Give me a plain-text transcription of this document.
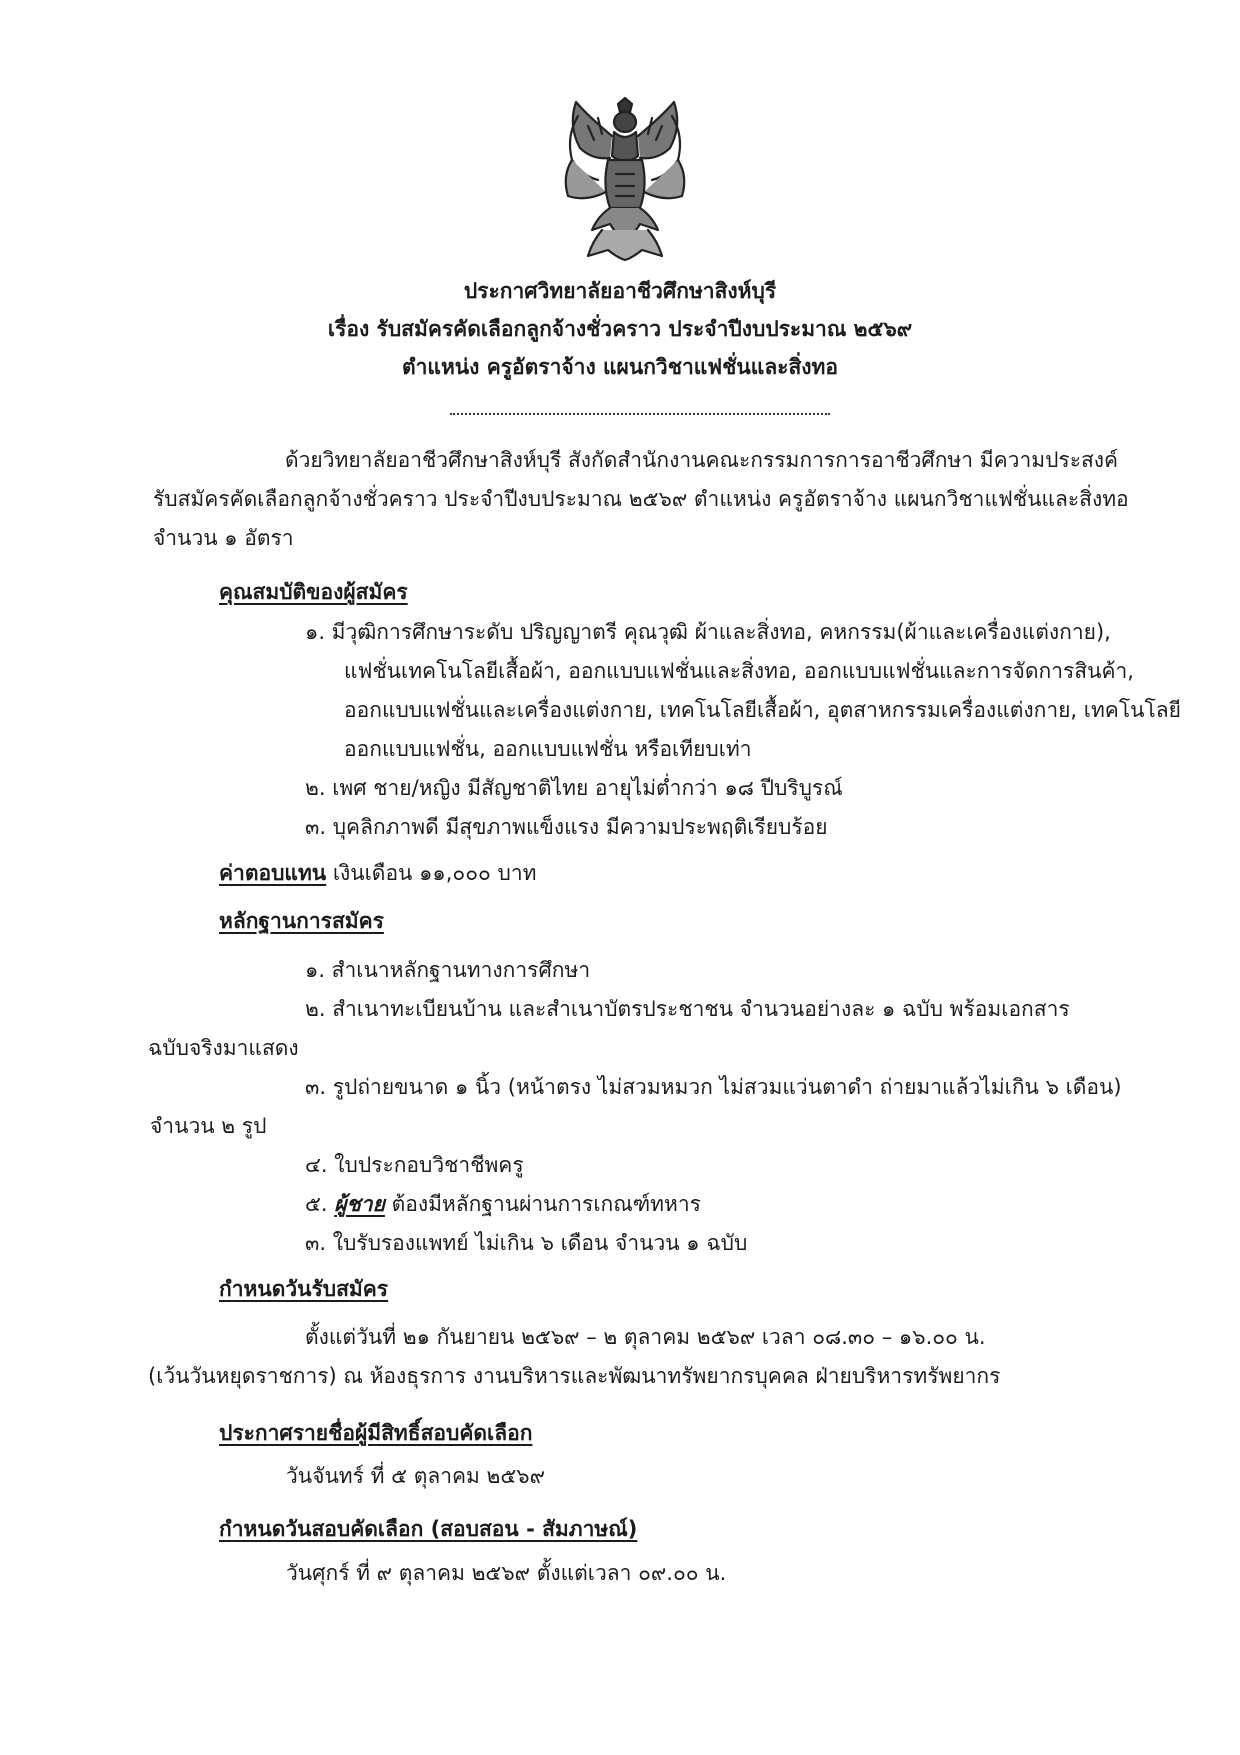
ประกาศวิทยาลัยอาชีวศึกษาสิงห์บุรี
เรื่อง รับสมัครคัดเลือกลูกจ้างชั่วคราว ประจำปีงบประมาณ ๒๕๖๙
ตำแหน่ง ครูอัตราจ้าง แผนกวิชาแฟชั่นและสิ่งทอ
ด้วยวิทยาลัยอาชีวศึกษาสิงห์บุรี สังกัดสำนักงานคณะกรรมการการอาชีวศึกษา มีความประสงค์
รับสมัครคัดเลือกลูกจ้างชั่วคราว ประจำปีงบประมาณ ๒๕๖๙ ตำแหน่ง ครูอัตราจ้าง แผนกวิชาแฟชั่นและสิ่งทอ
จำนวน ๑ อัตรา
คุณสมบัติของผู้สมัคร
๑. มีวุฒิการศึกษาระดับ ปริญญาตรี คุณวุฒิ ผ้าและสิ่งทอ, คหกรรม(ผ้าและเครื่องแต่งกาย),
แฟชั่นเทคโนโลยีเสื้อผ้า, ออกแบบแฟชั่นและสิ่งทอ, ออกแบบแฟชั่นและการจัดการสินค้า,
ออกแบบแฟชั่นและเครื่องแต่งกาย, เทคโนโลยีเสื้อผ้า, อุตสาหกรรมเครื่องแต่งกาย, เทคโนโลยี
ออกแบบแฟชั่น, ออกแบบแฟชั่น หรือเทียบเท่า
๒. เพศ ชาย/หญิง มีสัญชาติไทย อายุไม่ต่ำกว่า ๑๘ ปีบริบูรณ์
๓. บุคลิกภาพดี มีสุขภาพแข็งแรง มีความประพฤติเรียบร้อย
ค่าตอบแทน เงินเดือน ๑๑,๐๐๐ บาท
หลักฐานการสมัคร
๑. สำเนาหลักฐานทางการศึกษา
๒. สำเนาทะเบียนบ้าน และสำเนาบัตรประชาชน จำนวนอย่างละ ๑ ฉบับ พร้อมเอกสาร
ฉบับจริงมาแสดง
๓. รูปถ่ายขนาด ๑ นิ้ว (หน้าตรง ไม่สวมหมวก ไม่สวมแว่นตาดำ ถ่ายมาแล้วไม่เกิน ๖ เดือน)
จำนวน ๒ รูป
๔. ใบประกอบวิชาชีพครู
๕. ผู้ชาย ต้องมีหลักฐานผ่านการเกณฑ์ทหาร
๓. ใบรับรองแพทย์ ไม่เกิน ๖ เดือน จำนวน ๑ ฉบับ
กำหนดวันรับสมัคร
ตั้งแต่วันที่ ๒๑ กันยายน ๒๕๖๙ – ๒ ตุลาคม ๒๕๖๙ เวลา ๐๘.๓๐ – ๑๖.๐๐ น.
(เว้นวันหยุดราชการ) ณ ห้องธุรการ งานบริหารและพัฒนาทรัพยากรบุคคล ฝ่ายบริหารทรัพยากร
ประกาศรายชื่อผู้มีสิทธิ์สอบคัดเลือก
วันจันทร์ ที่ ๕ ตุลาคม ๒๕๖๙
กำหนดวันสอบคัดเลือก (สอบสอน - สัมภาษณ์)
วันศุกร์ ที่ ๙ ตุลาคม ๒๕๖๙ ตั้งแต่เวลา ๐๙.๐๐ น.
